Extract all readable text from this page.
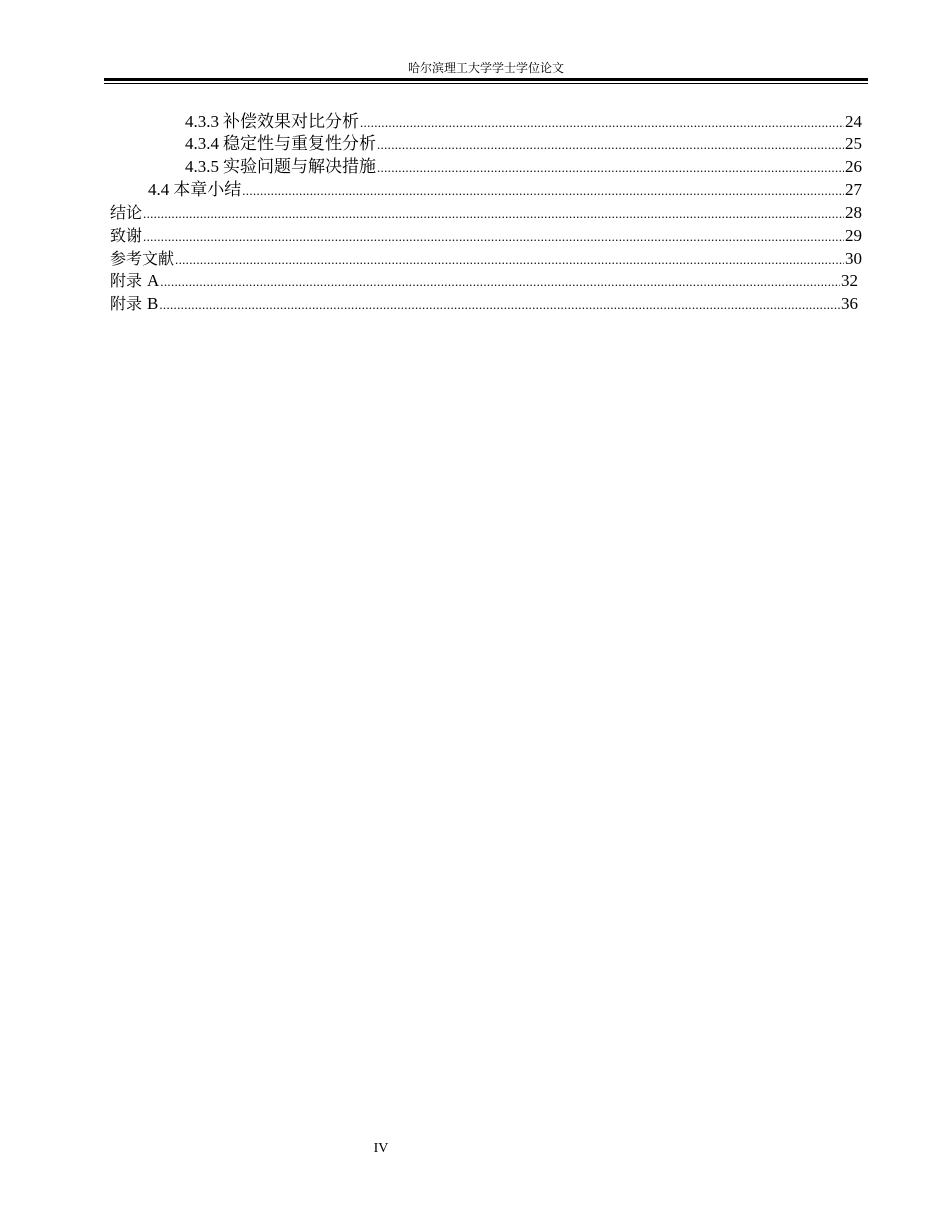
哈尔滨理工大学学士学位论文
4.3.3 补偿效果对比分析 .....	24
4.3.4 稳定性与重复性分析 .....	25
4.3.5 实验问题与解决措施 .....	26
4.4 本章小结 .....	27
结论 .....	28
致谢 .....	29
参考文献 .....	30
附录 A .....	32
附录 B .....	36
IV
